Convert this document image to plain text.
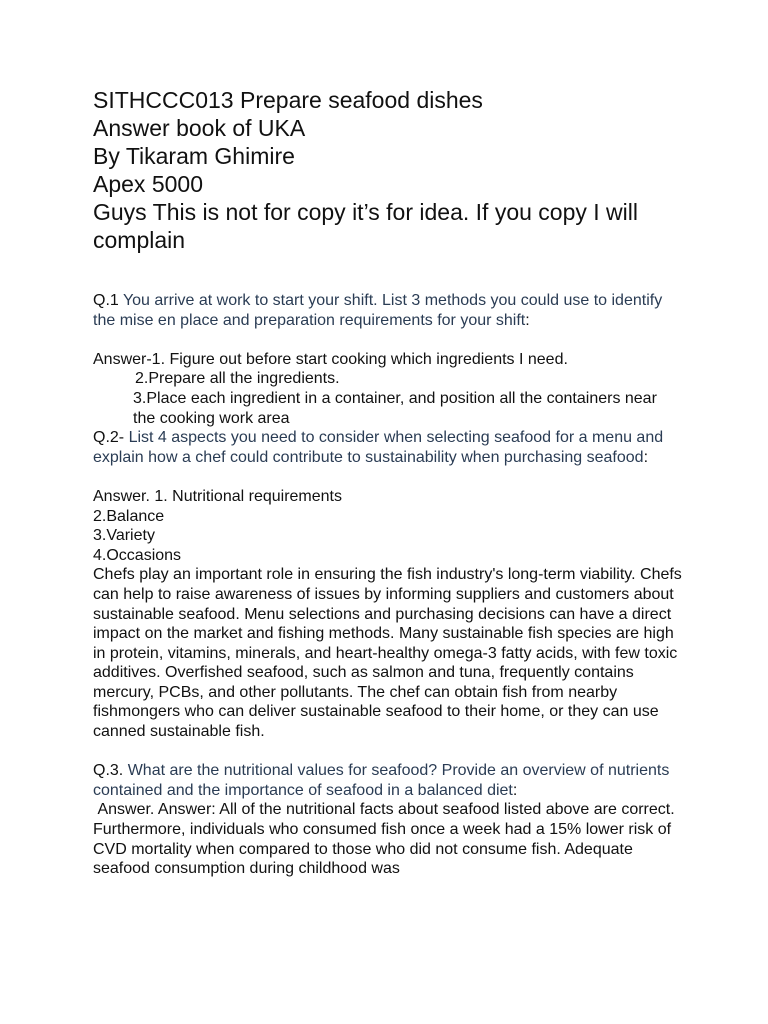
SITHCCC013 Prepare seafood dishes
Answer book of UKA
By Tikaram Ghimire
Apex 5000
Guys This is not for copy it’s for idea. If you copy I will complain
Q.1 You arrive at work to start your shift. List 3 methods you could use to identify the mise en place and preparation requirements for your shift:
Answer-1. Figure out before start cooking which ingredients I need.
2.Prepare all the ingredients.
3.Place each ingredient in a container, and position all the containers near the cooking work area
Q.2- List 4 aspects you need to consider when selecting seafood for a menu and explain how a chef could contribute to sustainability when purchasing seafood:
Answer. 1. Nutritional requirements
2.Balance
3.Variety
4.Occasions
Chefs play an important role in ensuring the fish industry's long-term viability. Chefs can help to raise awareness of issues by informing suppliers and customers about sustainable seafood. Menu selections and purchasing decisions can have a direct impact on the market and fishing methods. Many sustainable fish species are high in protein, vitamins, minerals, and heart-healthy omega-3 fatty acids, with few toxic additives. Overfished seafood, such as salmon and tuna, frequently contains mercury, PCBs, and other pollutants. The chef can obtain fish from nearby fishmongers who can deliver sustainable seafood to their home, or they can use canned sustainable fish.
Q.3. What are the nutritional values for seafood? Provide an overview of nutrients contained and the importance of seafood in a balanced diet:
Answer. Answer: All of the nutritional facts about seafood listed above are correct. Furthermore, individuals who consumed fish once a week had a 15% lower risk of CVD mortality when compared to those who did not consume fish. Adequate seafood consumption during childhood was
